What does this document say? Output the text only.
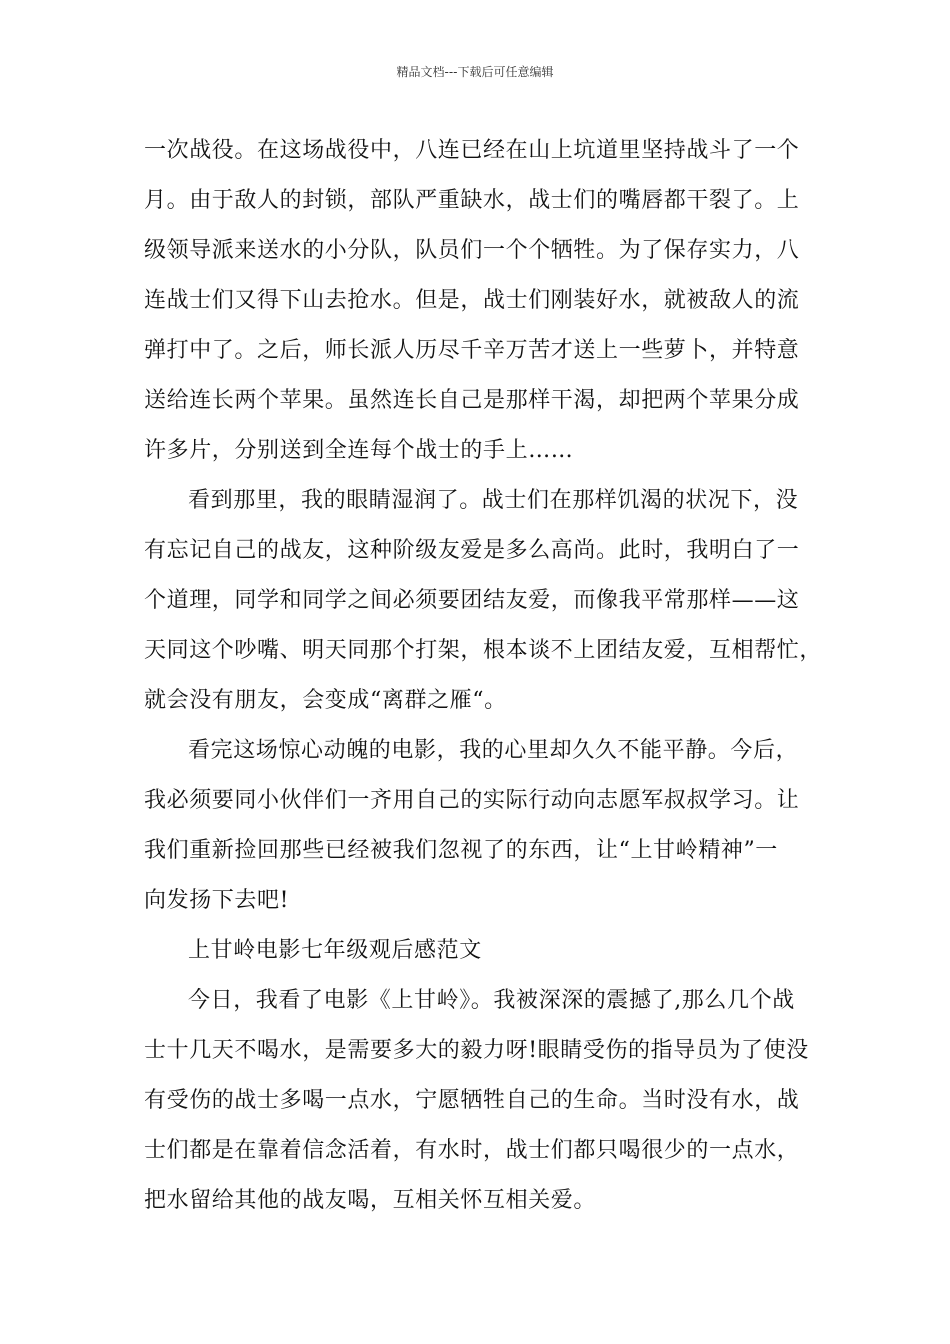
精品文档---下载后可任意编辑
一次战役。在这场战役中，八连已经在山上坑道里坚持战斗了一个
月。由于敌人的封锁，部队严重缺水，战士们的嘴唇都干裂了。上
级领导派来送水的小分队，队员们一个个牺牲。为了保存实力，八
连战士们又得下山去抢水。但是，战士们刚装好水，就被敌人的流
弹打中了。之后，师长派人历尽千辛万苦才送上一些萝卜，并特意
送给连长两个苹果。虽然连长自己是那样干渴，却把两个苹果分成
许多片，分别送到全连每个战士的手上……
看到那里，我的眼睛湿润了。战士们在那样饥渴的状况下，没
有忘记自己的战友，这种阶级友爱是多么高尚。此时，我明白了一
个道理，同学和同学之间必须要团结友爱，而像我平常那样——这
天同这个吵嘴、明天同那个打架，根本谈不上团结友爱，互相帮忙，
就会没有朋友，会变成“离群之雁“。
看完这场惊心动魄的电影，我的心里却久久不能平静。今后，
我必须要同小伙伴们一齐用自己的实际行动向志愿军叔叔学习。让
我们重新捡回那些已经被我们忽视了的东西，让“上甘岭精神”一
向发扬下去吧!
上甘岭电影七年级观后感范文
今日，我看了电影《上甘岭》。我被深深的震撼了,那么几个战
士十几天不喝水，是需要多大的毅力呀!眼睛受伤的指导员为了使没
有受伤的战士多喝一点水，宁愿牺牲自己的生命。当时没有水，战
士们都是在靠着信念活着，有水时，战士们都只喝很少的一点水，
把水留给其他的战友喝，互相关怀互相关爱。
